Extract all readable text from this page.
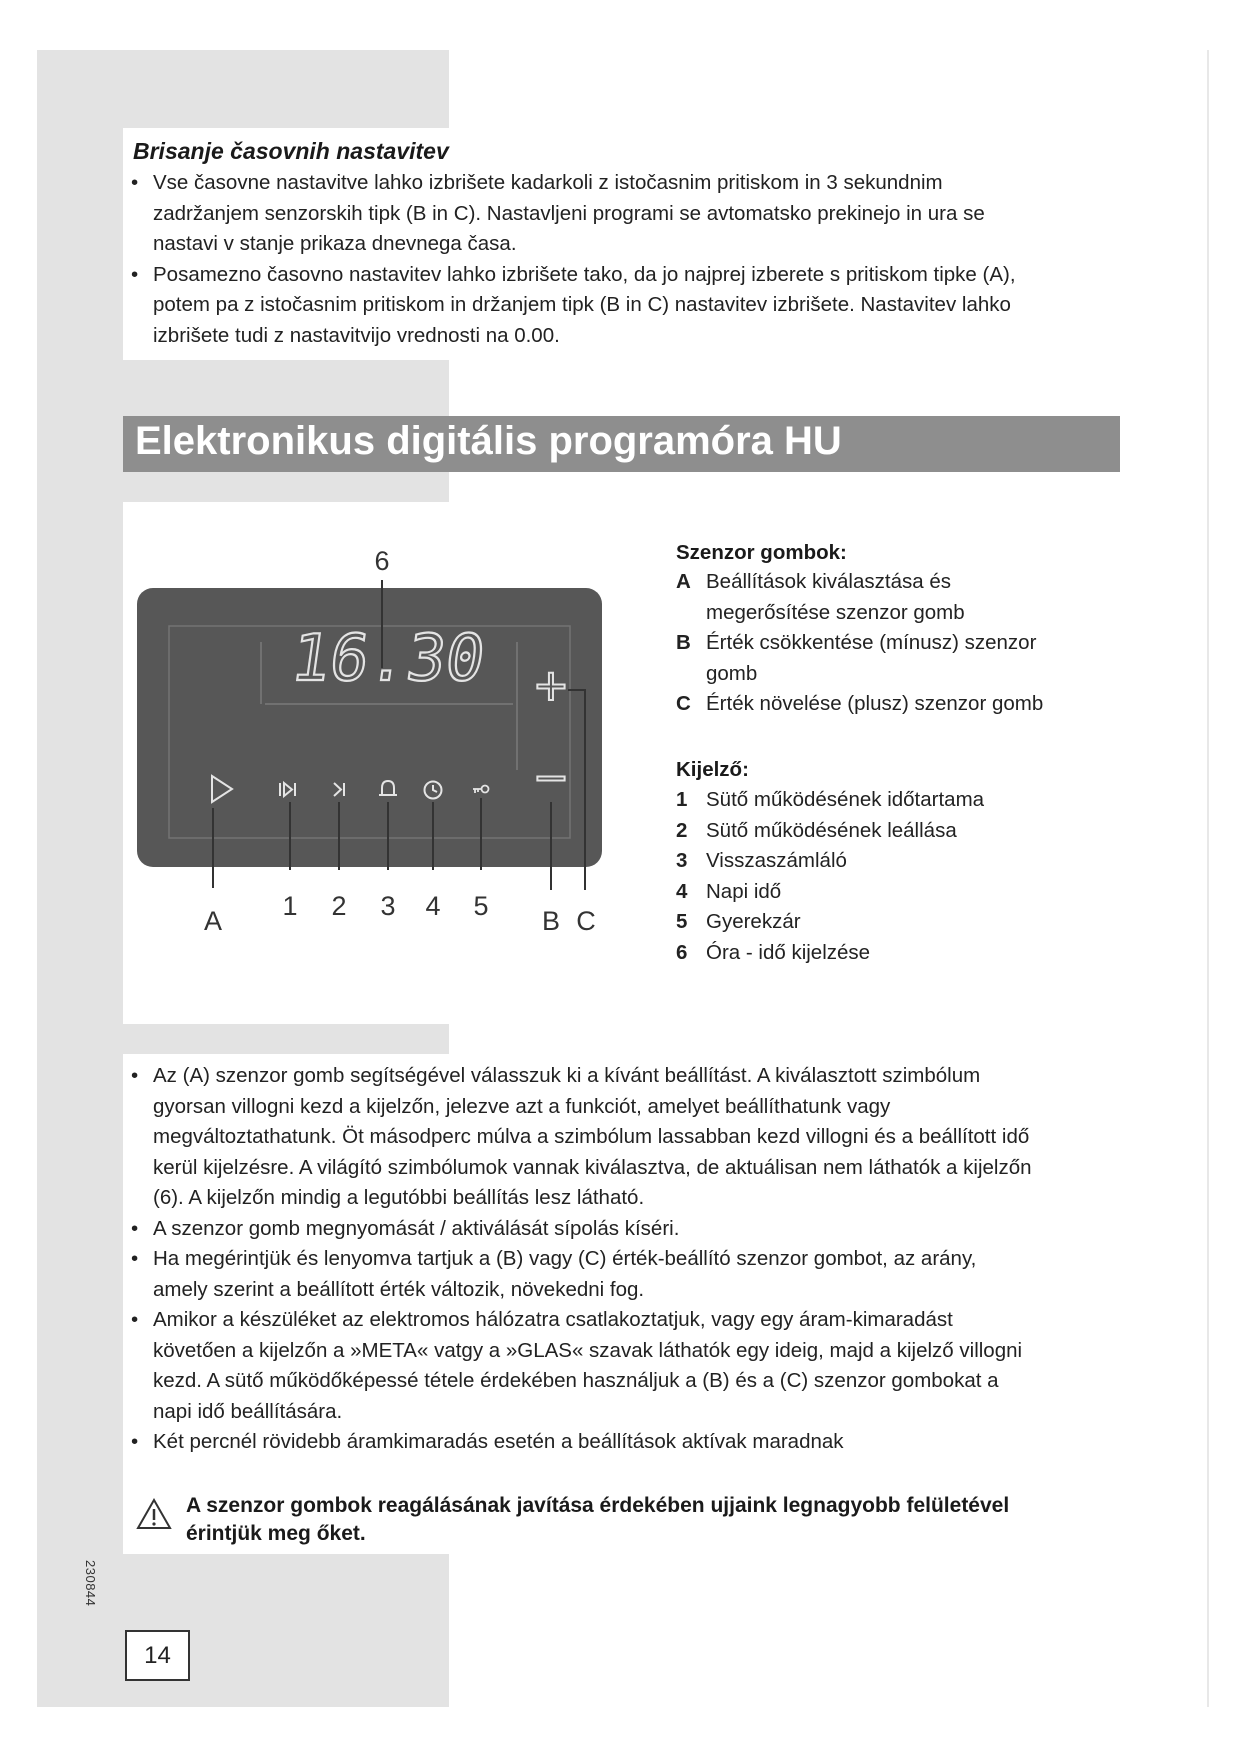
Brisanje časovnih nastavitev
• Vse časovne nastavitve lahko izbrišete kadarkoli z istočasnim pritiskom in 3 sekundnim
zadržanjem senzorskih tipk (B in C). Nastavljeni programi se avtomatsko prekinejo in ura se
nastavi v stanje prikaza dnevnega časa.
• Posamezno časovno nastavitev lahko izbrišete tako, da jo najprej izberete s pritiskom tipke (A),
potem pa z istočasnim pritiskom in držanjem tipk (B in C) nastavitev izbrišete. Nastavitev lahko
izbrišete tudi z nastavitvijo vrednosti na 0.00.
Elektronikus digitális programóra HU
16.30 +
−
6
A 1 2 3 4 5 B C
Szenzor gombok:
A Beállítások kiválasztása és
megerősítése szenzor gomb
B Érték csökkentése (mínusz) szenzor
gomb
C Érték növelése (plusz) szenzor gomb
Kijelző:
1 Sütő működésének időtartama
2 Sütő működésének leállása
3 Visszaszámláló
4 Napi idő
5 Gyerekzár
6 Óra - idő kijelzése
• Az (A) szenzor gomb segítségével válasszuk ki a kívánt beállítást. A kiválasztott szimbólum
gyorsan villogni kezd a kijelzőn, jelezve azt a funkciót, amelyet beállíthatunk vagy
megváltoztathatunk. Öt másodperc múlva a szimbólum lassabban kezd villogni és a beállított idő
kerül kijelzésre. A világító szimbólumok vannak kiválasztva, de aktuálisan nem láthatók a kijelzőn
(6). A kijelzőn mindig a legutóbbi beállítás lesz látható.
• A szenzor gomb megnyomását / aktiválását sípolás kíséri.
• Ha megérintjük és lenyomva tartjuk a (B) vagy (C) érték-beállító szenzor gombot, az arány,
amely szerint a beállított érték változik, növekedni fog.
• Amikor a készüléket az elektromos hálózatra csatlakoztatjuk, vagy egy áram-kimaradást
követően a kijelzőn a »META« vatgy a »GLAS« szavak láthatók egy ideig, majd a kijelző villogni
kezd. A sütő működőképessé tétele érdekében használjuk a (B) és a (C) szenzor gombokat a
napi idő beállítására.
• Két percnél rövidebb áramkimaradás esetén a beállítások aktívak maradnak
A szenzor gombok reagálásának javítása érdekében ujjaink legnagyobb felületével
érintjük meg őket.
230844
14
